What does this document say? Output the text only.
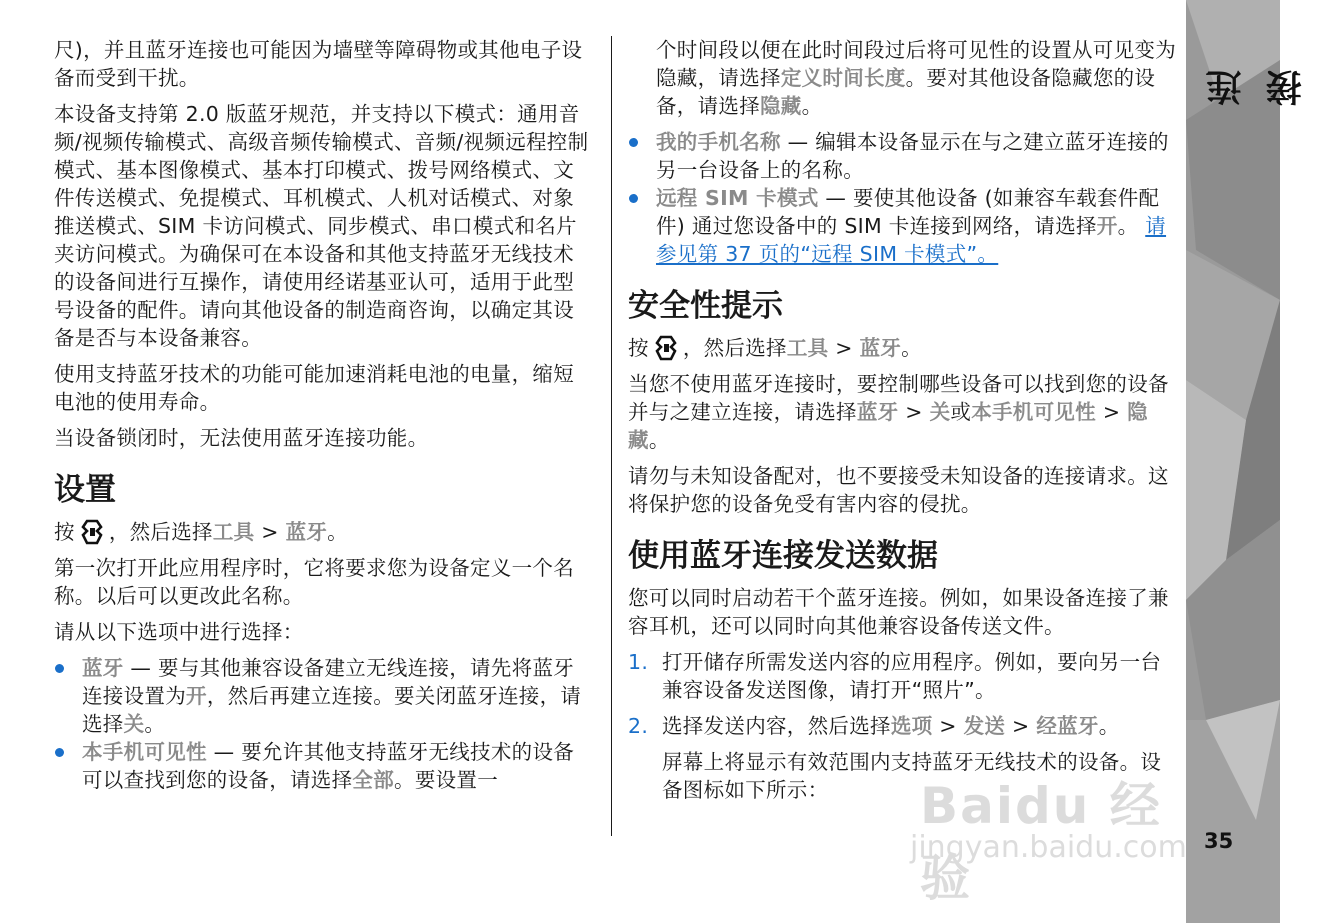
连接
35

尺)，并且蓝牙连接也可能因为墙壁等障碍物或其他电子设备而受到干扰。

本设备支持第 2.0 版蓝牙规范，并支持以下模式：通用音频/视频传输模式、高级音频传输模式、音频/视频远程控制模式、基本图像模式、基本打印模式、拨号网络模式、文件传送模式、免提模式、耳机模式、人机对话模式、对象推送模式、SIM 卡访问模式、同步模式、串口模式和名片夹访问模式。为确保可在本设备和其他支持蓝牙无线技术的设备间进行互操作，请使用经诺基亚认可，适用于此型号设备的配件。请向其他设备的制造商咨询，以确定其设备是否与本设备兼容。

使用支持蓝牙技术的功能可能加速消耗电池的电量，缩短电池的使用寿命。

当设备锁闭时，无法使用蓝牙连接功能。

设置

按 ，然后选择工具 > 蓝牙。

第一次打开此应用程序时，它将要求您为设备定义一个名称。以后可以更改此名称。

请从以下选项中进行选择：

蓝牙 — 要与其他兼容设备建立无线连接，请先将蓝牙连接设置为开，然后再建立连接。要关闭蓝牙连接，请选择关。

本手机可见性 — 要允许其他支持蓝牙无线技术的设备可以查找到您的设备，请选择全部。要设置一

个时间段以便在此时间段过后将可见性的设置从可见变为隐藏，请选择定义时间长度。要对其他设备隐藏您的设备，请选择隐藏。

我的手机名称 — 编辑本设备显示在与之建立蓝牙连接的另一台设备上的名称。

远程 SIM 卡模式 — 要使其他设备 (如兼容车载套件配件) 通过您设备中的 SIM 卡连接到网络，请选择开。 请参见第 37 页的“远程 SIM 卡模式”。

安全性提示

按 ，然后选择工具 > 蓝牙。

当您不使用蓝牙连接时，要控制哪些设备可以找到您的设备并与之建立连接，请选择蓝牙 > 关或本手机可见性 > 隐藏。

请勿与未知设备配对，也不要接受未知设备的连接请求。这将保护您的设备免受有害内容的侵扰。

使用蓝牙连接发送数据

您可以同时启动若干个蓝牙连接。例如，如果设备连接了兼容耳机，还可以同时向其他兼容设备传送文件。

1. 打开储存所需发送内容的应用程序。例如，要向另一台兼容设备发送图像，请打开“照片”。

2. 选择发送内容，然后选择选项 > 发送 > 经蓝牙。

屏幕上将显示有效范围内支持蓝牙无线技术的设备。设备图标如下所示：	Baidu 经验
jingyan.baidu.com
